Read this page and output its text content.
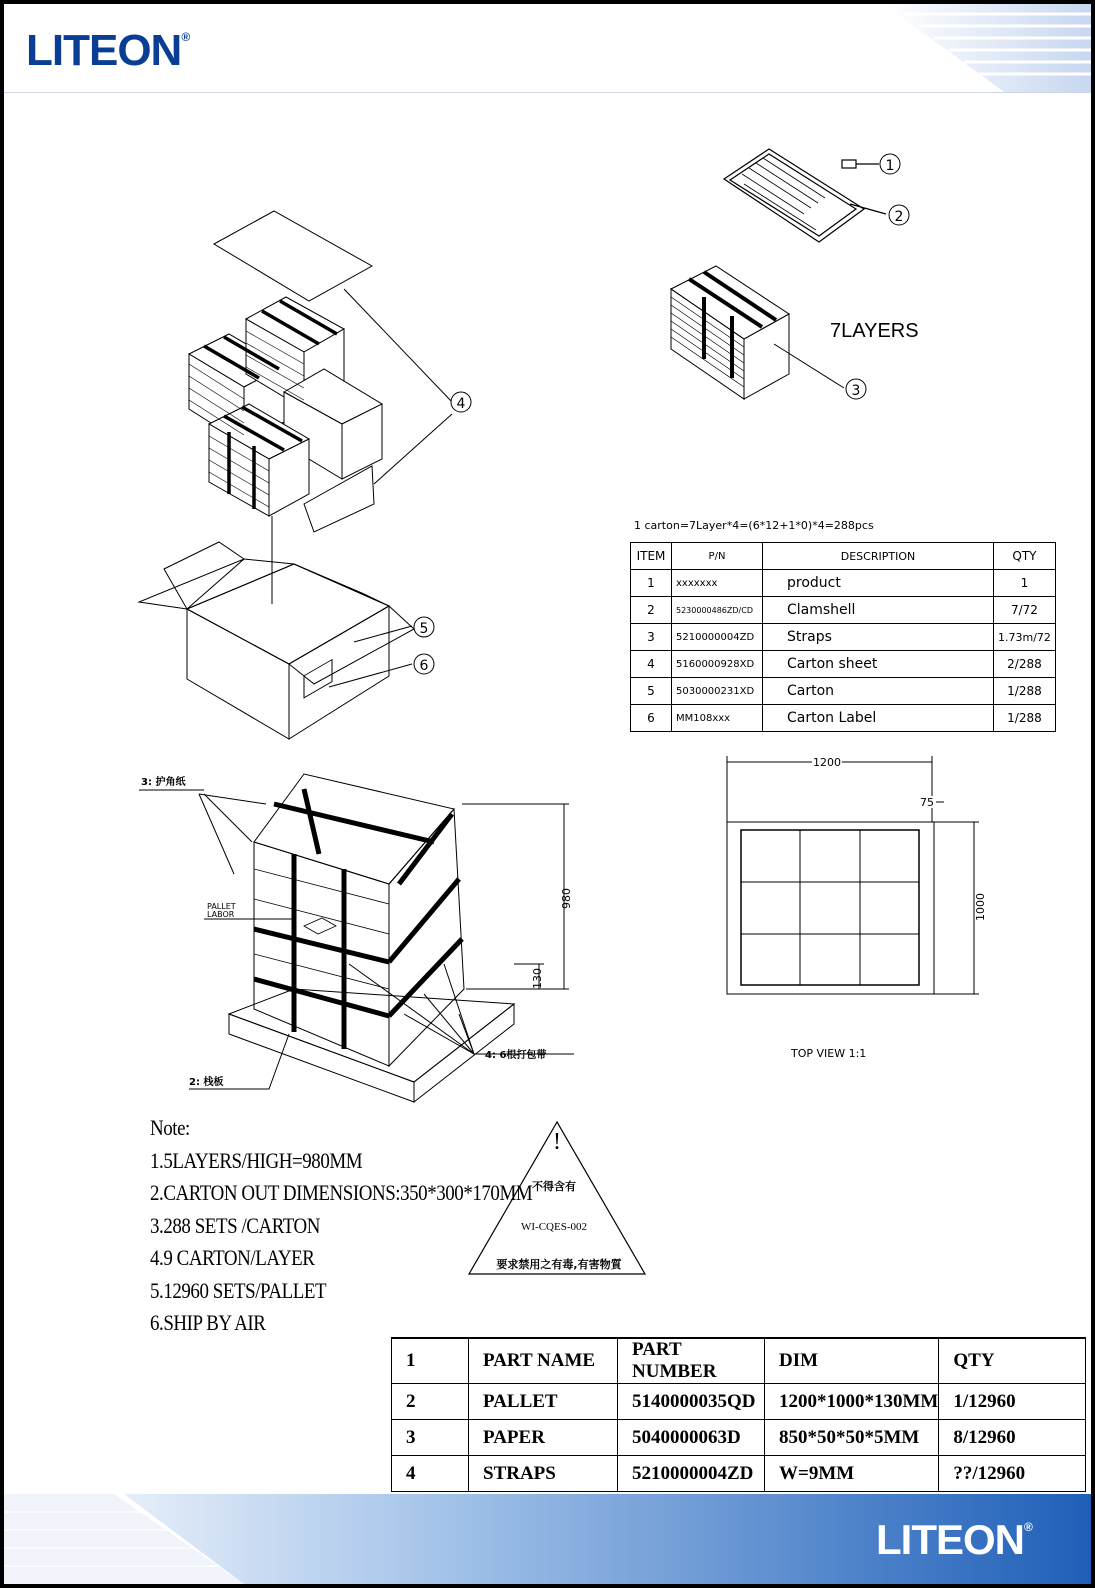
LITEON®
1
2
3
7LAYERS
4
5
6
3: 护角纸
PALLET
LABOR
4: 6根打包带
2: 栈板
980
130
1200
75
1000
TOP VIEW 1:1
!
不得含有
WI-CQES-002
要求禁用之有毒,有害物質
1 carton=7Layer*4=(6*12+1*0)*4=288pcs
ITEM	P/N	DESCRIPTION	QTY
1	xxxxxxx	product	1
2	5230000486ZD/CD	Clamshell	7/72
3	5210000004ZD	Straps	1.73m/72
4	5160000928XD	Carton sheet	2/288
5	5030000231XD	Carton	1/288
6	MM108xxx	Carton Label	1/288
Note:
1.5LAYERS/HIGH=980MM
2.CARTON OUT DIMENSIONS:350*300*170MM
3.288 SETS /CARTON
4.9 CARTON/LAYER
5.12960 SETS/PALLET
6.SHIP BY AIR
1	PART NAME	PART NUMBER	DIM	QTY
2	PALLET	5140000035QD	1200*1000*130MM	1/12960
3	PAPER	5040000063D	850*50*50*5MM	8/12960
4	STRAPS	5210000004ZD	W=9MM	??/12960
LITEON®
